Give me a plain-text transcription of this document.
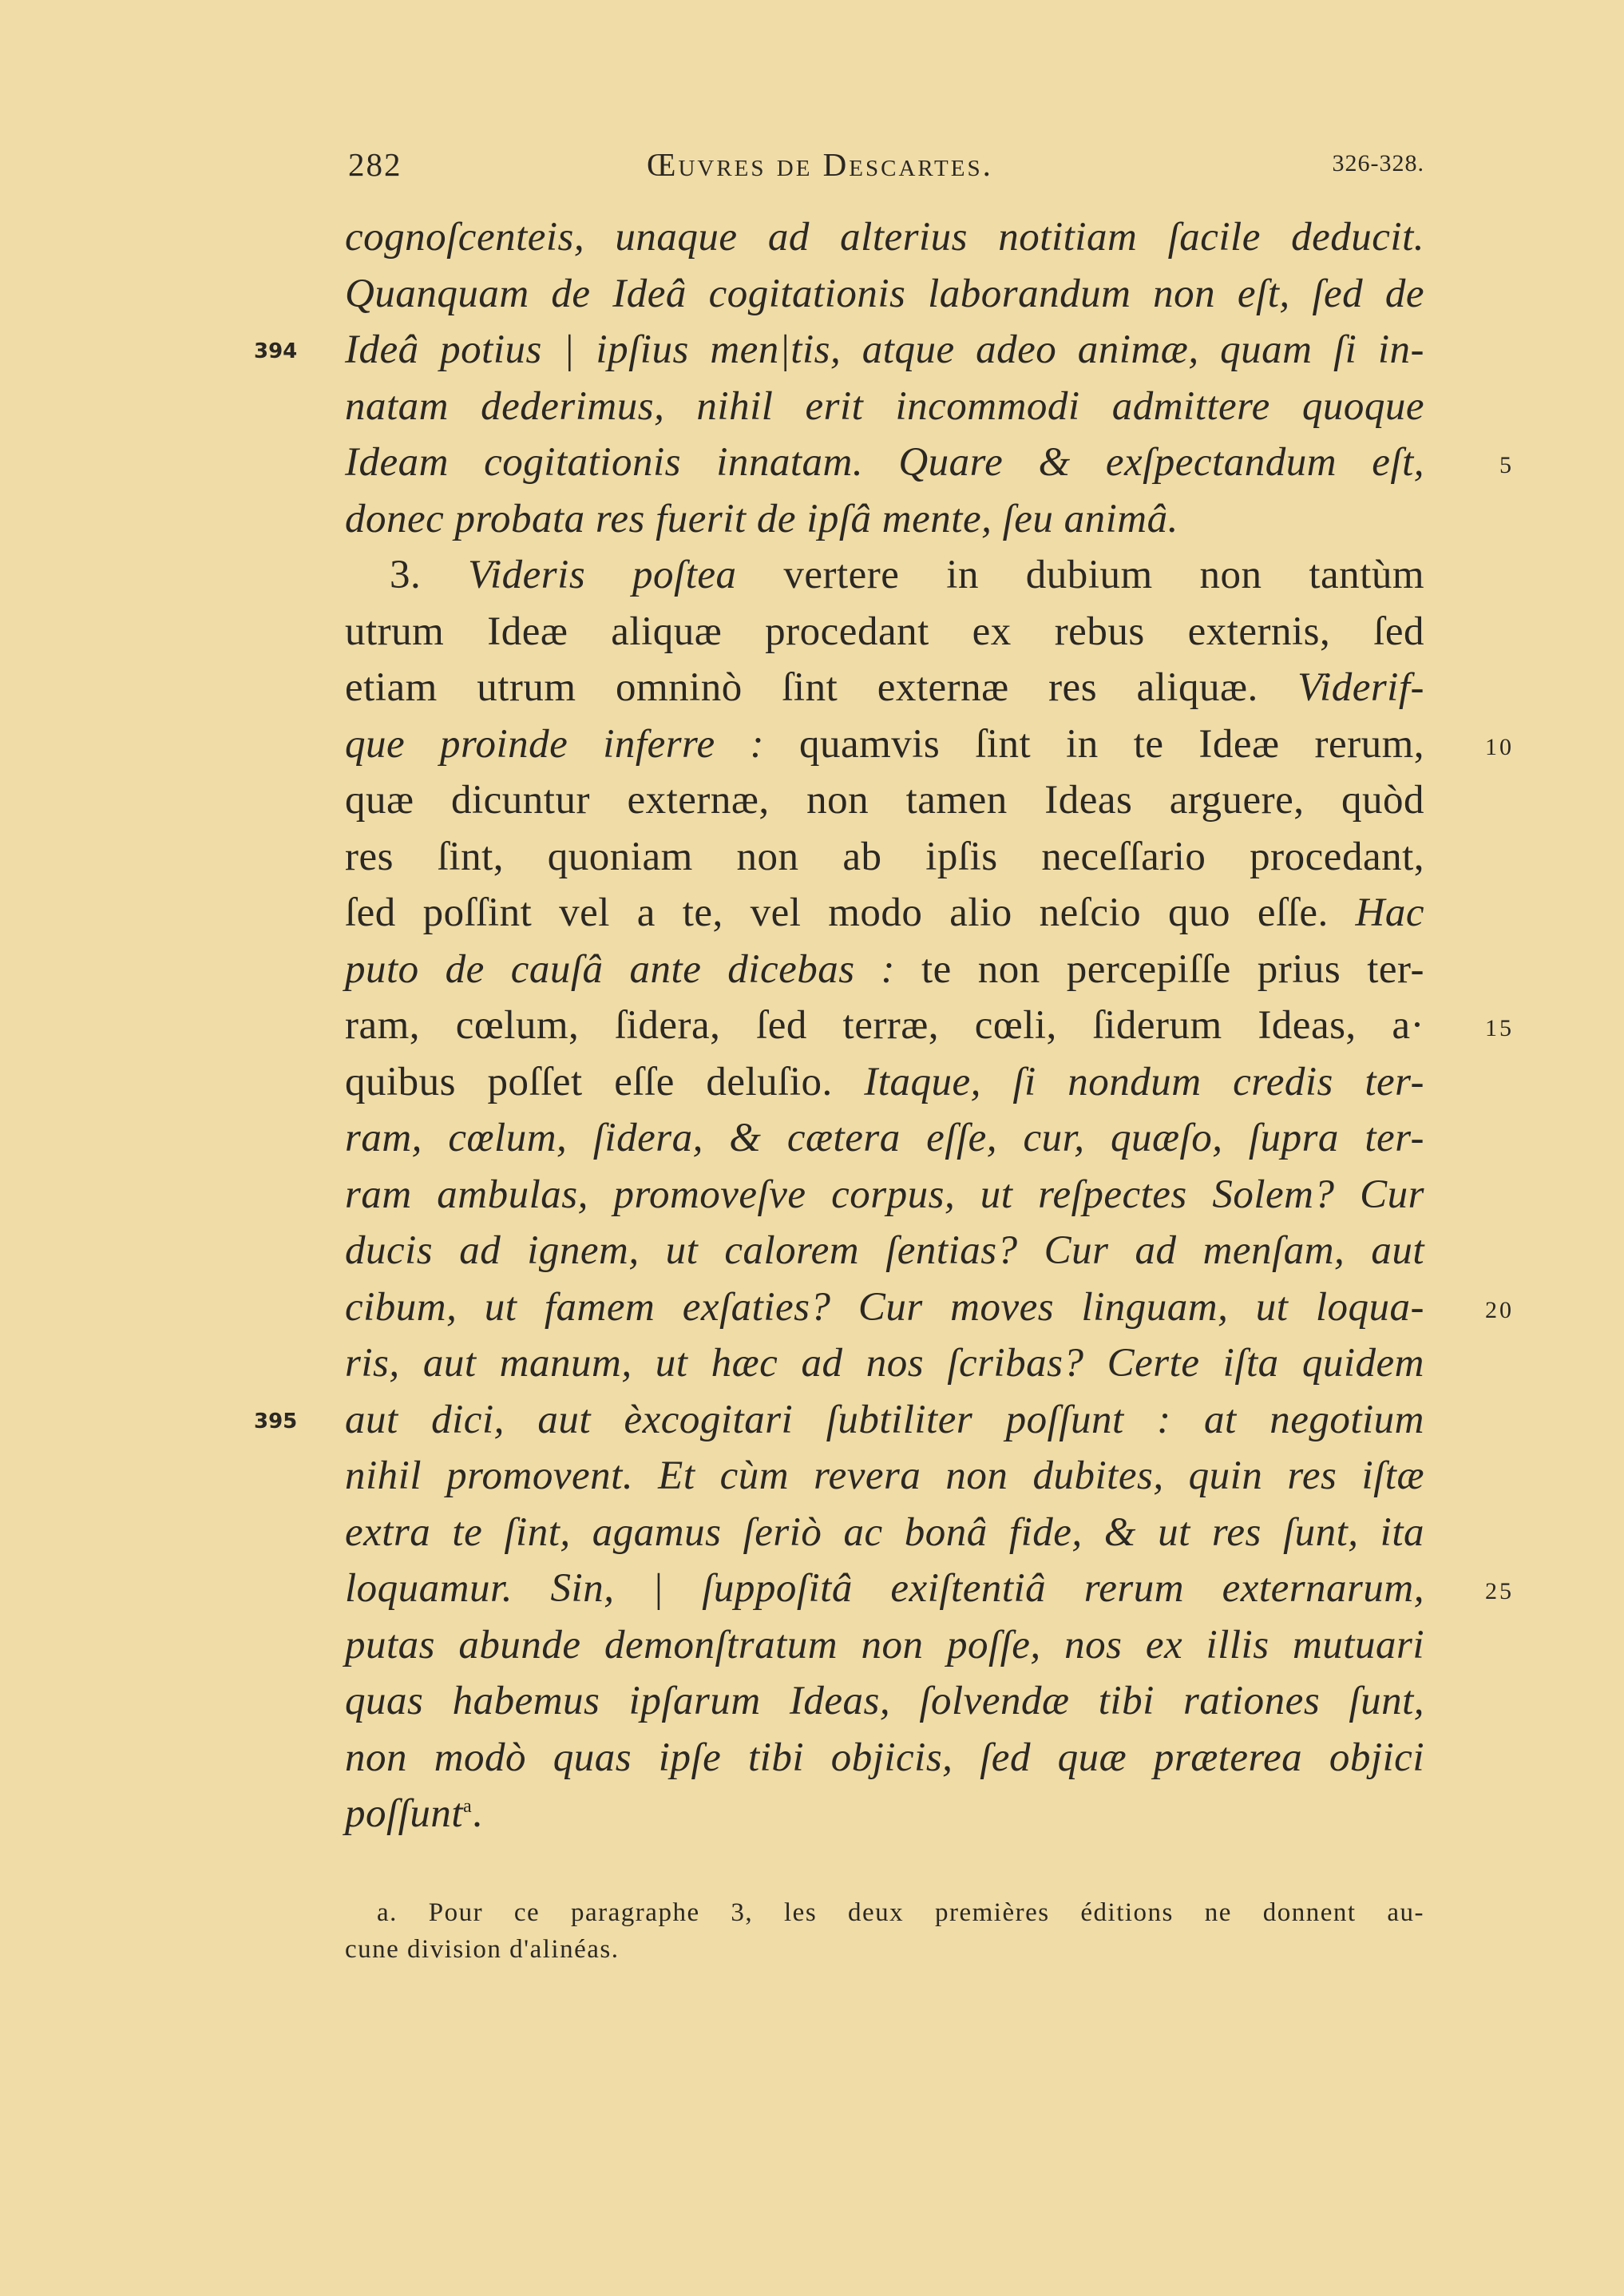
282	Œuvres de Descartes.	326-328.
cognoſcenteis, unaque ad alterius notitiam ſacile deducit.
Quanquam de Ideâ cogitationis laborandum non eſt, ſed de
394	Ideâ potius | ipſius men|tis, atque adeo animæ, quam ſi in-
natam dederimus, nihil erit incommodi admittere quoque
Ideam cogitationis innatam. Quare & exſpectandum eſt,	5
donec probata res fuerit de ipſâ mente, ſeu animâ.
3. Videris poſtea vertere in dubium non tantùm
utrum Ideæ aliquæ procedant ex rebus externis, ſed
etiam utrum omninò ſint externæ res aliquæ. Viderif-
que proinde inferre : quamvis ſint in te Ideæ rerum,	10
quæ dicuntur externæ, non tamen Ideas arguere, quòd
res ſint, quoniam non ab ipſis neceſſario procedant,
ſed poſſint vel a te, vel modo alio neſcio quo eſſe. Hac
puto de cauſâ ante dicebas : te non percepiſſe prius ter-
ram, cœlum, ſidera, ſed terræ, cœli, ſiderum Ideas, a·	15
quibus poſſet eſſe deluſio. Itaque, ſi nondum credis ter-
ram, cœlum, ſidera, & cætera eſſe, cur, quæſo, ſupra ter-
ram ambulas, promoveſve corpus, ut reſpectes Solem? Cur
ducis ad ignem, ut calorem ſentias? Cur ad menſam, aut
cibum, ut famem exſaties? Cur moves linguam, ut loqua-	20
ris, aut manum, ut hæc ad nos ſcribas? Certe iſta quidem
395	aut dici, aut èxcogitari ſubtiliter poſſunt : at negotium
nihil promovent. Et cùm revera non dubites, quin res iſtæ
extra te ſint, agamus ſeriò ac bonâ fide, & ut res ſunt, ita
loquamur. Sin, | ſuppoſitâ exiſtentiâ rerum externarum,	25
putas abunde demonſtratum non poſſe, nos ex illis mutuari
quas habemus ipſarum Ideas, ſolvendæ tibi rationes ſunt,
non modò quas ipſe tibi objicis, ſed quæ præterea objici
poſſunt$^a$.
a. Pour ce paragraphe 3, les deux premières éditions ne donnent au-
cune division d'alinéas.
